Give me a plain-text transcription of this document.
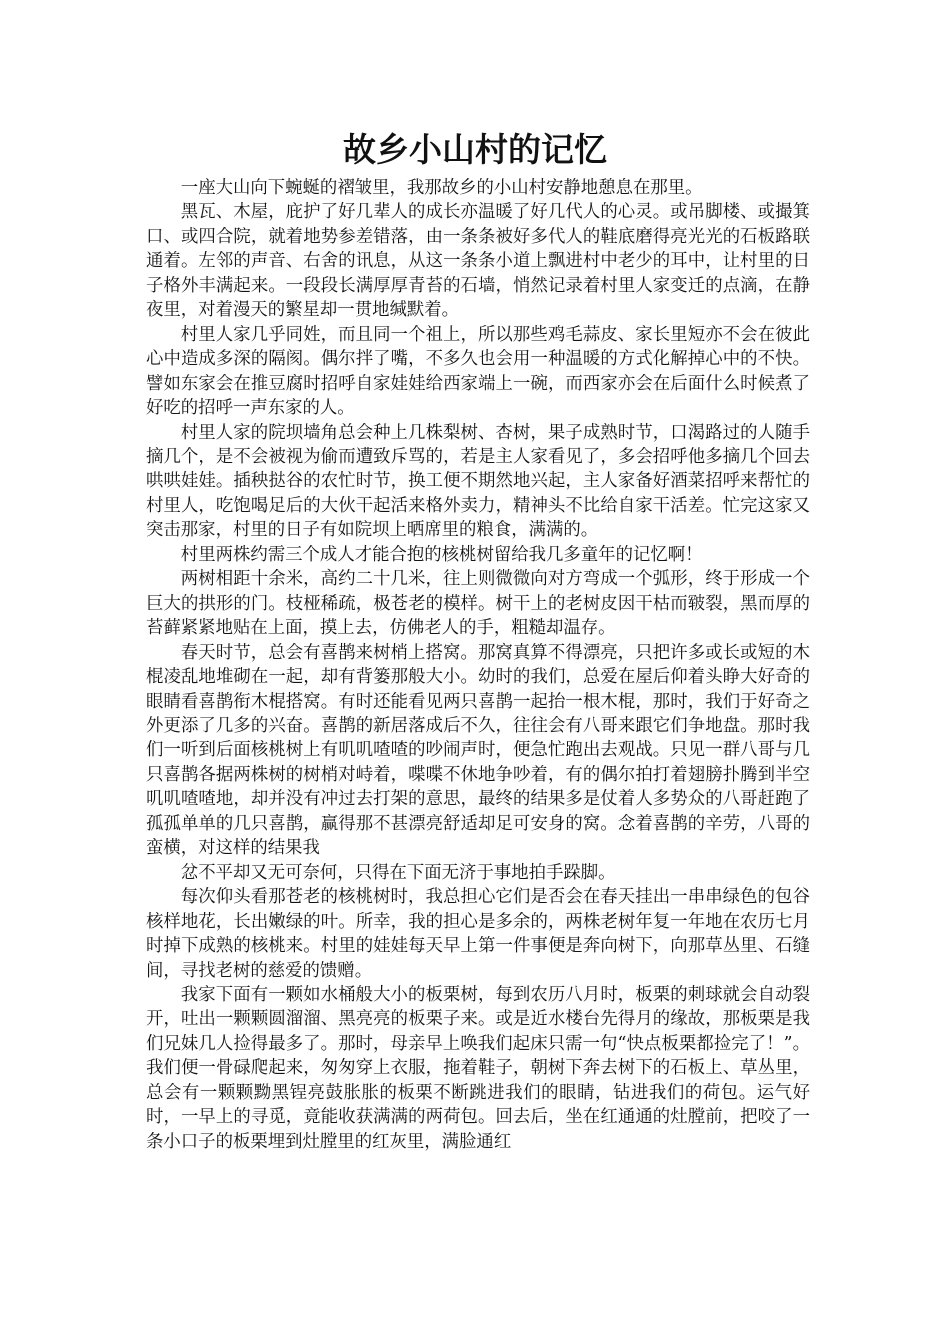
故乡小山村的记忆

一座大山向下蜿蜒的褶皱里，我那故乡的小山村安静地憩息在那里。

黑瓦、木屋，庇护了好几辈人的成长亦温暖了好几代人的心灵。或吊脚楼、或撮箕口、或四合院，就着地势参差错落，由一条条被好多代人的鞋底磨得亮光光的石板路联通着。左邻的声音、右舍的讯息，从这一条条小道上飘进村中老少的耳中，让村里的日子格外丰满起来。一段段长满厚厚青苔的石墙，悄然记录着村里人家变迁的点滴，在静夜里，对着漫天的繁星却一贯地缄默着。

村里人家几乎同姓，而且同一个祖上，所以那些鸡毛蒜皮、家长里短亦不会在彼此心中造成多深的隔阂。偶尔拌了嘴，不多久也会用一种温暖的方式化解掉心中的不快。譬如东家会在推豆腐时招呼自家娃娃给西家端上一碗，而西家亦会在后面什么时候煮了好吃的招呼一声东家的人。

村里人家的院坝墙角总会种上几株梨树、杏树，果子成熟时节，口渴路过的人随手摘几个，是不会被视为偷而遭致斥骂的，若是主人家看见了，多会招呼他多摘几个回去哄哄娃娃。插秧挞谷的农忙时节，换工便不期然地兴起，主人家备好酒菜招呼来帮忙的村里人，吃饱喝足后的大伙干起活来格外卖力，精神头不比给自家干活差。忙完这家又突击那家，村里的日子有如院坝上晒席里的粮食，满满的。

村里两株约需三个成人才能合抱的核桃树留给我几多童年的记忆啊！

两树相距十余米，高约二十几米，往上则微微向对方弯成一个弧形，终于形成一个巨大的拱形的门。枝桠稀疏，极苍老的模样。树干上的老树皮因干枯而皲裂，黑而厚的苔藓紧紧地贴在上面，摸上去，仿佛老人的手，粗糙却温存。

春天时节，总会有喜鹊来树梢上搭窝。那窝真算不得漂亮，只把许多或长或短的木棍凌乱地堆砌在一起，却有背篓那般大小。幼时的我们，总爱在屋后仰着头睁大好奇的眼睛看喜鹊衔木棍搭窝。有时还能看见两只喜鹊一起抬一根木棍，那时，我们于好奇之外更添了几多的兴奋。喜鹊的新居落成后不久，往往会有八哥来跟它们争地盘。那时我们一听到后面核桃树上有叽叽喳喳的吵闹声时，便急忙跑出去观战。只见一群八哥与几只喜鹊各据两株树的树梢对峙着，喋喋不休地争吵着，有的偶尔拍打着翅膀扑腾到半空叽叽喳喳地，却并没有冲过去打架的意思，最终的结果多是仗着人多势众的八哥赶跑了孤孤单单的几只喜鹊，赢得那不甚漂亮舒适却足可安身的窝。念着喜鹊的辛劳，八哥的蛮横，对这样的结果我

忿不平却又无可奈何，只得在下面无济于事地拍手跺脚。

每次仰头看那苍老的核桃树时，我总担心它们是否会在春天挂出一串串绿色的包谷核样地花，长出嫩绿的叶。所幸，我的担心是多余的，两株老树年复一年地在农历七月时掉下成熟的核桃来。村里的娃娃每天早上第一件事便是奔向树下，向那草丛里、石缝间，寻找老树的慈爱的馈赠。

我家下面有一颗如水桶般大小的板栗树，每到农历八月时，板栗的刺球就会自动裂开，吐出一颗颗圆溜溜、黑亮亮的板栗子来。或是近水楼台先得月的缘故，那板栗是我们兄妹几人捡得最多了。那时，母亲早上唤我们起床只需一句“快点板栗都捡完了！”。我们便一骨碌爬起来，匆匆穿上衣服，拖着鞋子，朝树下奔去树下的石板上、草丛里，总会有一颗颗黝黑锃亮鼓胀胀的板栗不断跳进我们的眼睛，钻进我们的荷包。运气好时，一早上的寻觅，竟能收获满满的两荷包。回去后，坐在红通通的灶膛前，把咬了一条小口子的板栗埋到灶膛里的红灰里，满脸通红
